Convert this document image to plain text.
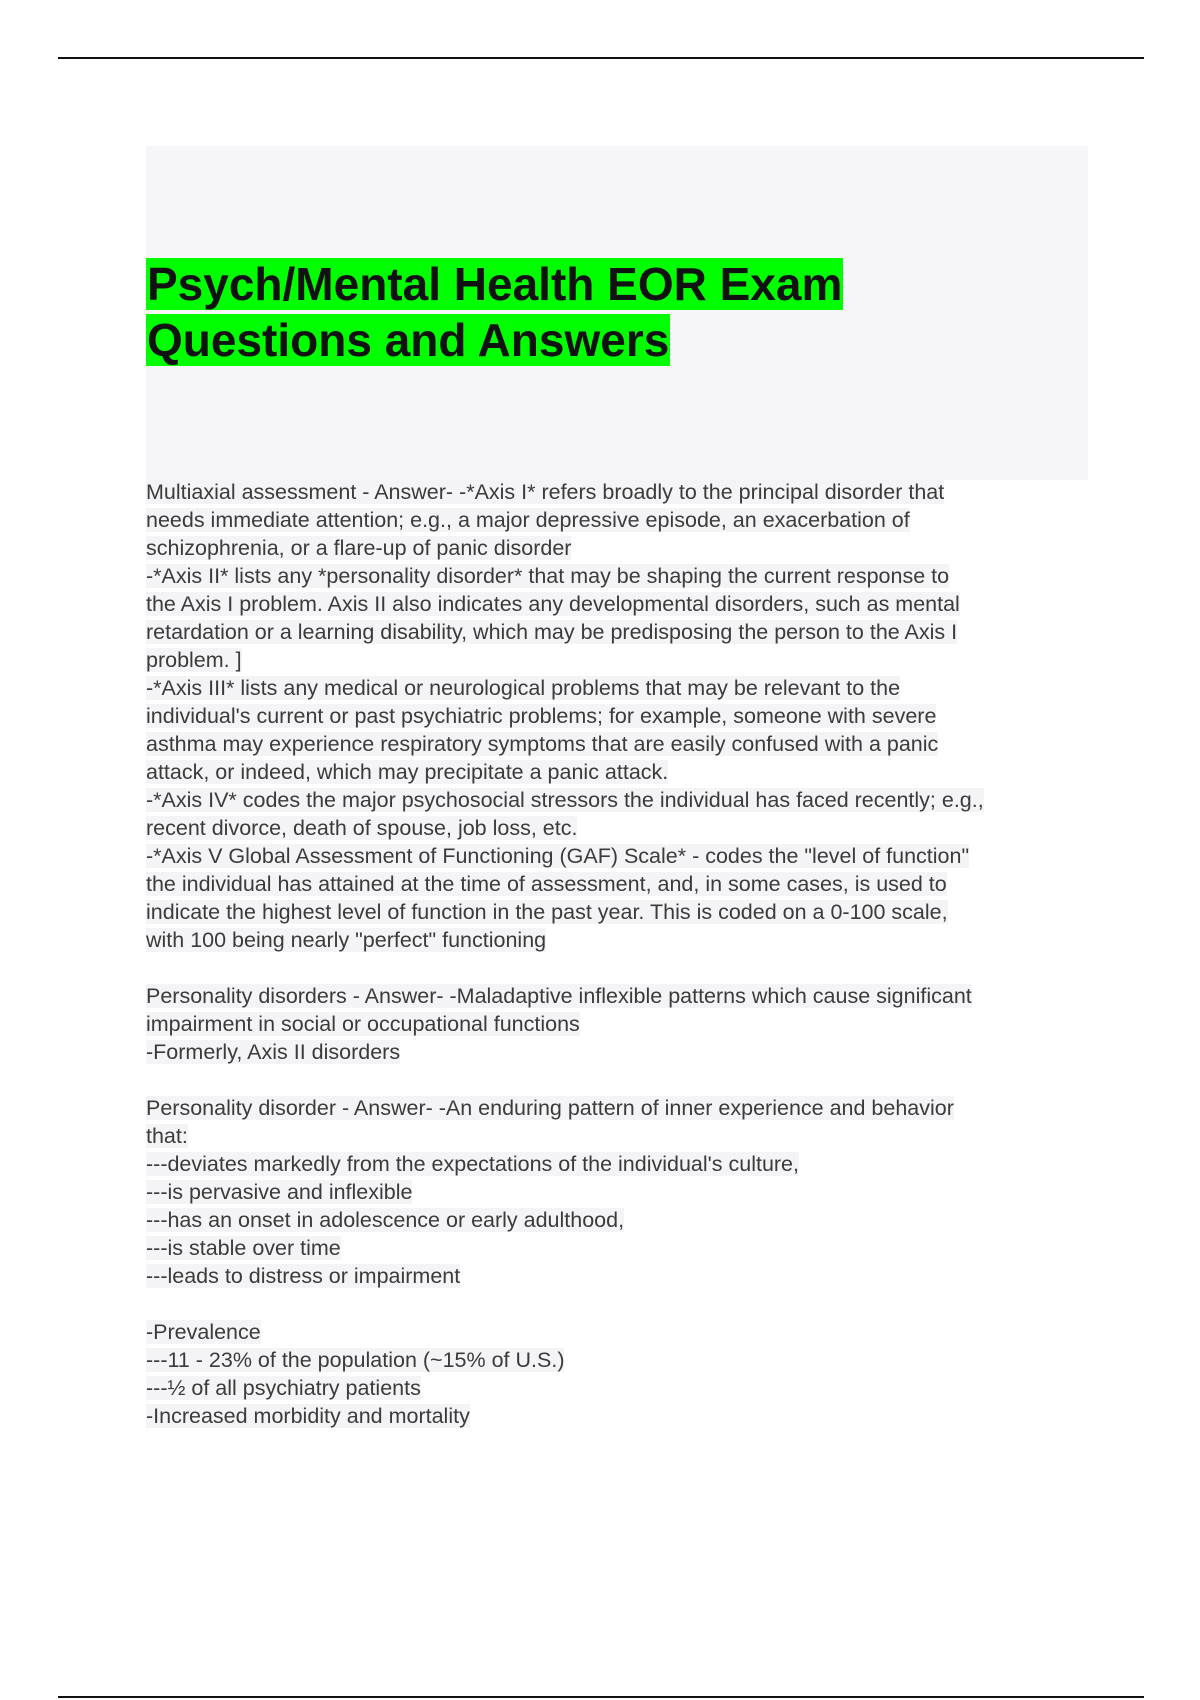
Psych/Mental Health EOR Exam
Questions and Answers
Multiaxial assessment - Answer- -*Axis I* refers broadly to the principal disorder that
needs immediate attention; e.g., a major depressive episode, an exacerbation of
schizophrenia, or a flare-up of panic disorder
-*Axis II* lists any *personality disorder* that may be shaping the current response to
the Axis I problem. Axis II also indicates any developmental disorders, such as mental
retardation or a learning disability, which may be predisposing the person to the Axis I
problem. ]
-*Axis III* lists any medical or neurological problems that may be relevant to the
individual's current or past psychiatric problems; for example, someone with severe
asthma may experience respiratory symptoms that are easily confused with a panic
attack, or indeed, which may precipitate a panic attack.
-*Axis IV* codes the major psychosocial stressors the individual has faced recently; e.g.,
recent divorce, death of spouse, job loss, etc.
-*Axis V Global Assessment of Functioning (GAF) Scale* - codes the "level of function"
the individual has attained at the time of assessment, and, in some cases, is used to
indicate the highest level of function in the past year. This is coded on a 0-100 scale,
with 100 being nearly "perfect" functioning
Personality disorders - Answer- -Maladaptive inflexible patterns which cause significant
impairment in social or occupational functions
-Formerly, Axis II disorders
Personality disorder - Answer- -An enduring pattern of inner experience and behavior
that:
---deviates markedly from the expectations of the individual's culture,
---is pervasive and inflexible
---has an onset in adolescence or early adulthood,
---is stable over time
---leads to distress or impairment
-Prevalence
---11 - 23% of the population (~15% of U.S.)
---½ of all psychiatry patients
-Increased morbidity and mortality
